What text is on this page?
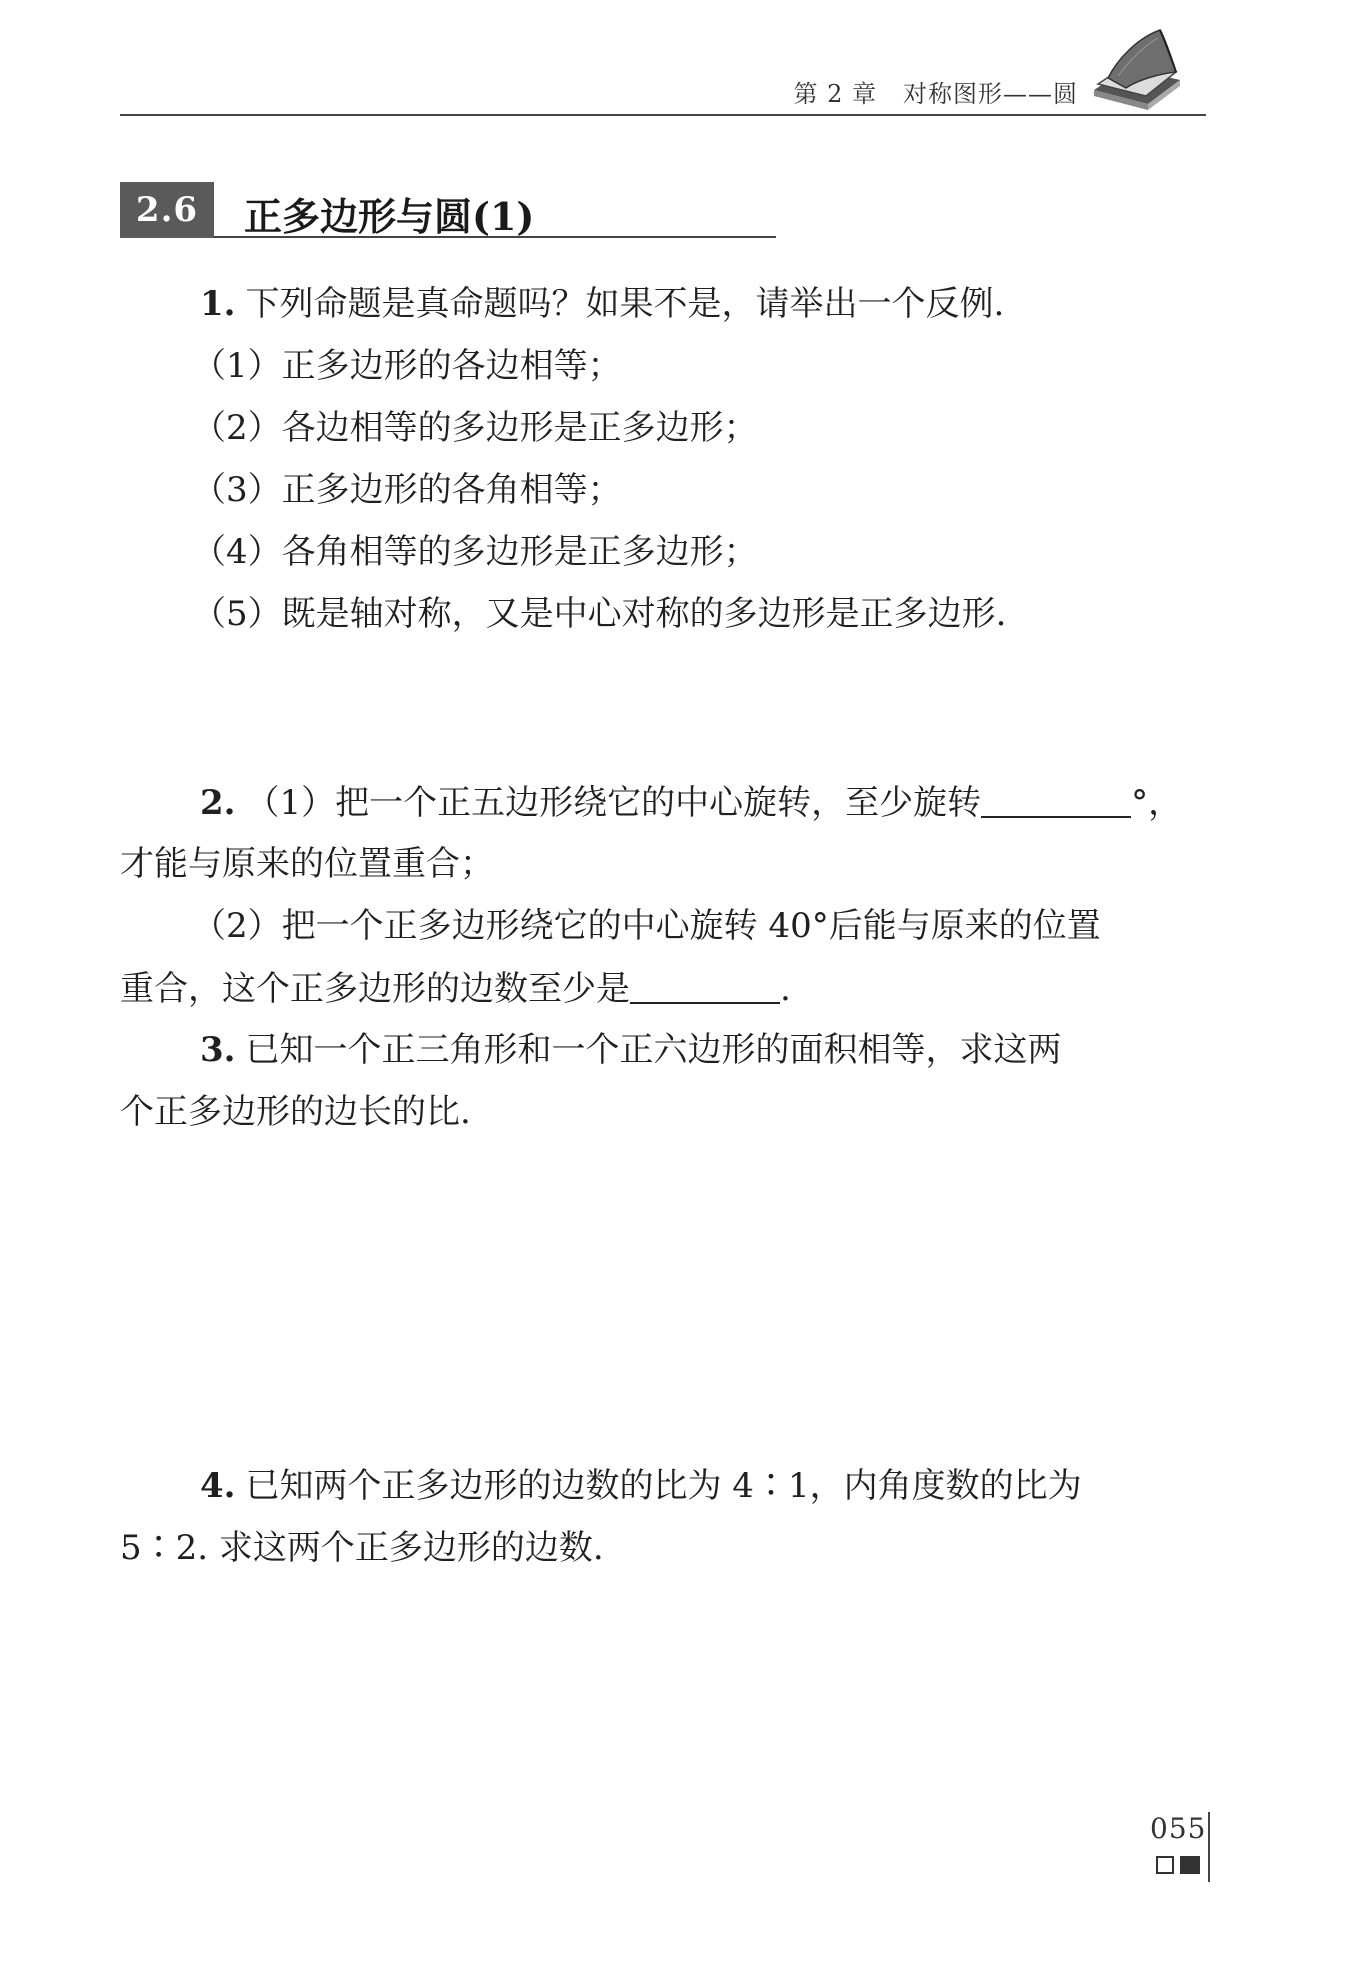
第 2 章 对称图形——圆
2.6	正多边形与圆(1)
1. 下列命题是真命题吗？如果不是，请举出一个反例.
（1）正多边形的各边相等；
（2）各边相等的多边形是正多边形；
（3）正多边形的各角相等；
（4）各角相等的多边形是正多边形；
（5）既是轴对称，又是中心对称的多边形是正多边形.
2. （1）把一个正五边形绕它的中心旋转，至少旋转	°，
才能与原来的位置重合；
（2）把一个正多边形绕它的中心旋转 40°后能与原来的位置
重合，这个正多边形的边数至少是	.
3. 已知一个正三角形和一个正六边形的面积相等，求这两
个正多边形的边长的比.
4. 已知两个正多边形的边数的比为 4∶1，内角度数的比为
5∶2. 求这两个正多边形的边数.
055
